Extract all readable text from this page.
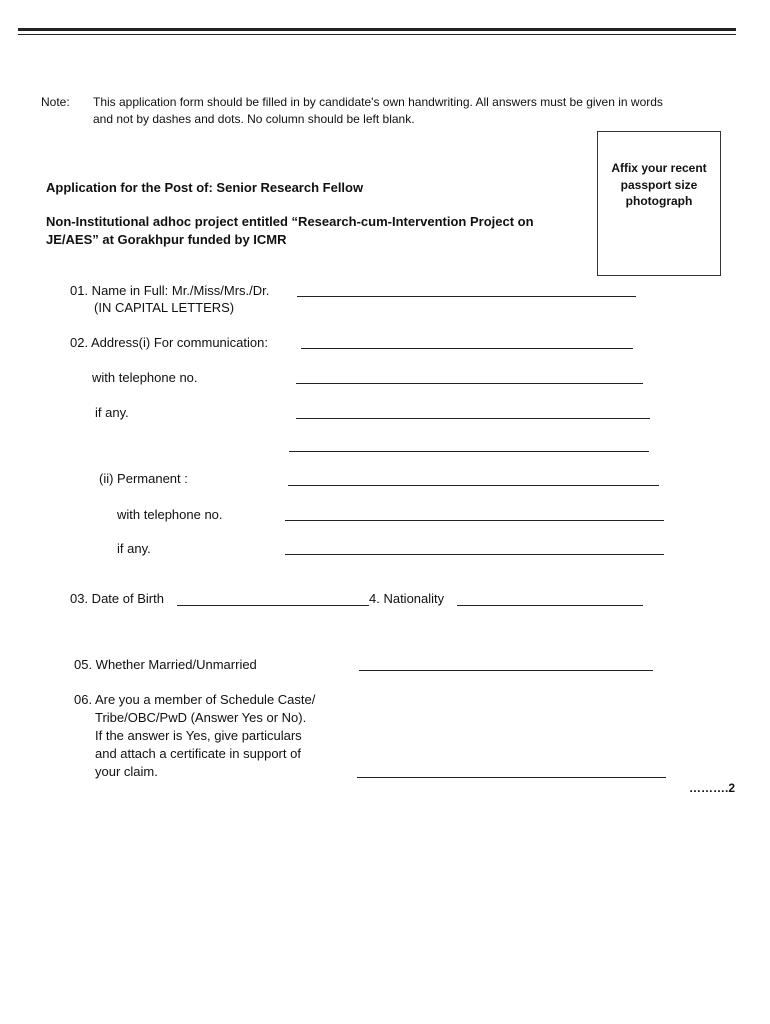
Note: This application form should be filled in by candidate's own handwriting. All answers must be given in words
and not by dashes and dots. No column should be left blank.
Affix your recent
passport size
photograph
Application for the Post of: Senior Research Fellow
Non-Institutional adhoc project entitled “Research-cum-Intervention Project on
JE/AES” at Gorakhpur funded by ICMR
01. Name in Full: Mr./Miss/Mrs./Dr.
(IN CAPITAL LETTERS)
02. Address(i) For communication:
with telephone no.
if any.
(ii) Permanent :
with telephone no.
if any.
03. Date of Birth	4. Nationality
05. Whether Married/Unmarried
06. Are you a member of Schedule Caste/
Tribe/OBC/PwD (Answer Yes or No).
If the answer is Yes, give particulars
and attach a certificate in support of
your claim.
……….2
